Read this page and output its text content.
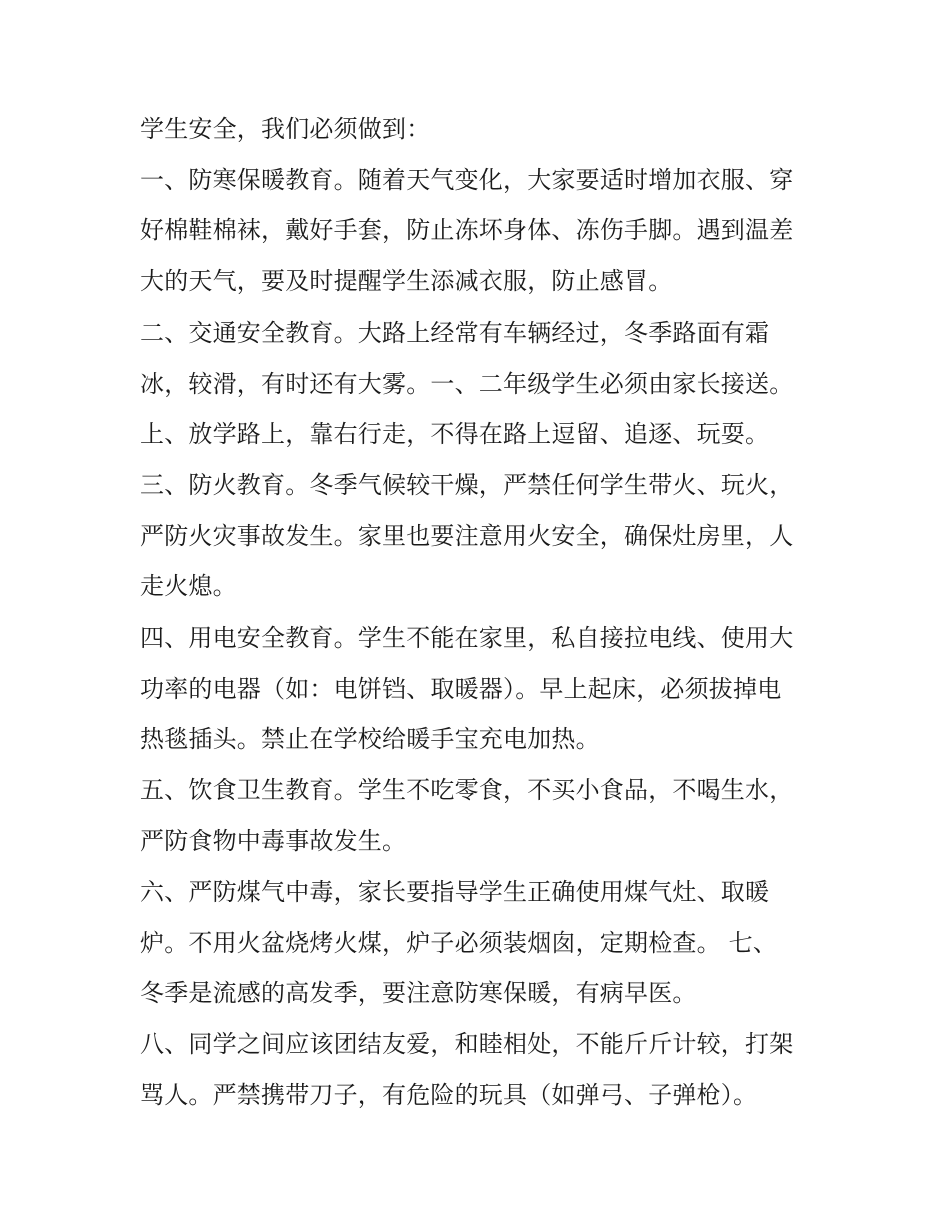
学生安全，我们必须做到：
一、防寒保暖教育。随着天气变化，大家要适时增加衣服、穿
好棉鞋棉袜，戴好手套，防止冻坏身体、冻伤手脚。遇到温差
大的天气，要及时提醒学生添减衣服，防止感冒。
二、交通安全教育。大路上经常有车辆经过，冬季路面有霜
冰，较滑，有时还有大雾。一、二年级学生必须由家长接送。
上、放学路上，靠右行走，不得在路上逗留、追逐、玩耍。
三、防火教育。冬季气候较干燥，严禁任何学生带火、玩火，
严防火灾事故发生。家里也要注意用火安全，确保灶房里，人
走火熄。
四、用电安全教育。学生不能在家里，私自接拉电线、使用大
功率的电器（如：电饼铛、取暖器）。早上起床，必须拔掉电
热毯插头。禁止在学校给暖手宝充电加热。
五、饮食卫生教育。学生不吃零食，不买小食品，不喝生水，
严防食物中毒事故发生。
六、严防煤气中毒，家长要指导学生正确使用煤气灶、取暖
炉。不用火盆烧烤火煤，炉子必须装烟囱，定期检查。 七、
冬季是流感的高发季，要注意防寒保暖，有病早医。
八、同学之间应该团结友爱，和睦相处，不能斤斤计较，打架
骂人。严禁携带刀子，有危险的玩具（如弹弓、子弹枪）。
